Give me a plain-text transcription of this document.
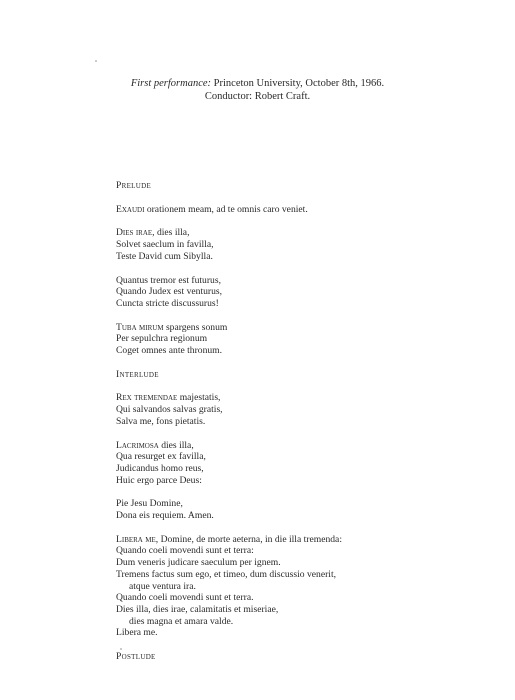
First performance: Princeton University, October 8th, 1966.
Conductor: Robert Craft.
Prelude
Exaudi orationem meam, ad te omnis caro veniet.
Dies irae, dies illa,
Solvet saeclum in favilla,
Teste David cum Sibylla.
Quantus tremor est futurus,
Quando Judex est venturus,
Cuncta stricte discussurus!
Tuba mirum spargens sonum
Per sepulchra regionum
Coget omnes ante thronum.
Interlude
Rex tremendae majestatis,
Qui salvandos salvas gratis,
Salva me, fons pietatis.
Lacrimosa dies illa,
Qua resurget ex favilla,
Judicandus homo reus,
Huic ergo parce Deus:
Pie Jesu Domine,
Dona eis requiem. Amen.
Libera me, Domine, de morte aeterna, in die illa tremenda:
Quando coeli movendi sunt et terra:
Dum veneris judicare saeculum per ignem.
Tremens factus sum ego, et timeo, dum discussio venerit,
atque ventura ira.
Quando coeli movendi sunt et terra.
Dies illa, dies irae, calamitatis et miseriae,
dies magna et amara valde.
Libera me.
Postlude
